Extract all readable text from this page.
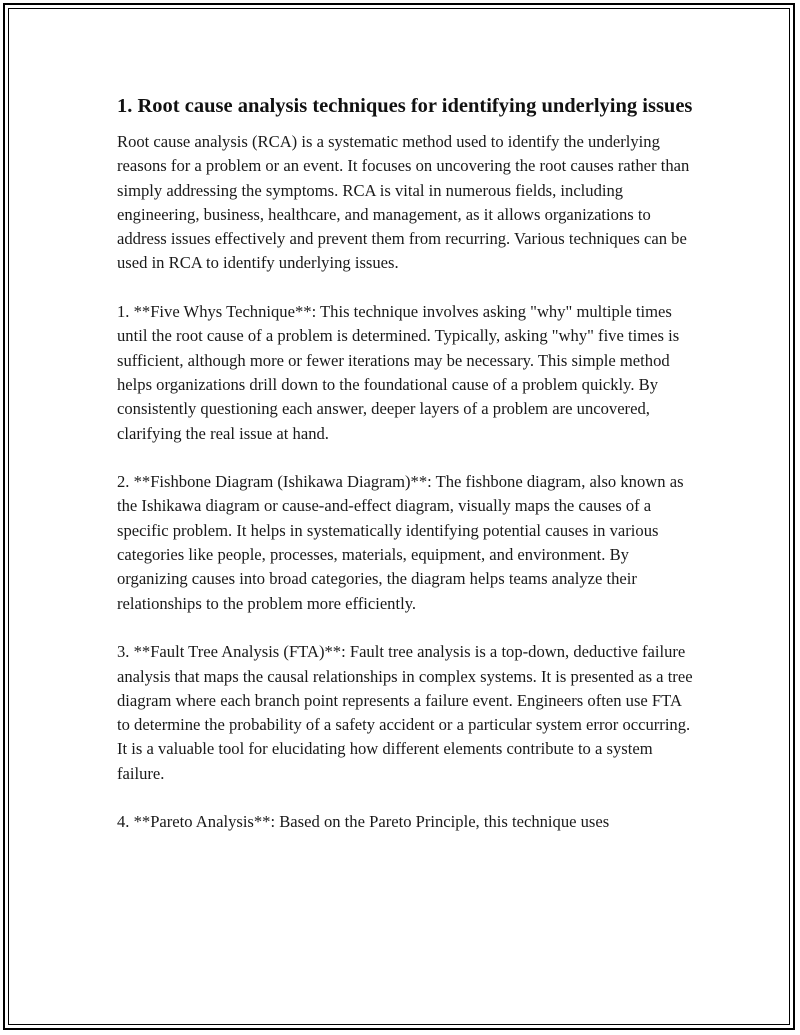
1. Root cause analysis techniques for identifying underlying issues

Root cause analysis (RCA) is a systematic method used to identify the underlying reasons for a problem or an event. It focuses on uncovering the root causes rather than simply addressing the symptoms. RCA is vital in numerous fields, including engineering, business, healthcare, and management, as it allows organizations to address issues effectively and prevent them from recurring. Various techniques can be used in RCA to identify underlying issues.

1. **Five Whys Technique**: This technique involves asking "why" multiple times until the root cause of a problem is determined. Typically, asking "why" five times is sufficient, although more or fewer iterations may be necessary. This simple method helps organizations drill down to the foundational cause of a problem quickly. By consistently questioning each answer, deeper layers of a problem are uncovered, clarifying the real issue at hand.

2. **Fishbone Diagram (Ishikawa Diagram)**: The fishbone diagram, also known as the Ishikawa diagram or cause-and-effect diagram, visually maps the causes of a specific problem. It helps in systematically identifying potential causes in various categories like people, processes, materials, equipment, and environment. By organizing causes into broad categories, the diagram helps teams analyze their relationships to the problem more efficiently.

3. **Fault Tree Analysis (FTA)**: Fault tree analysis is a top-down, deductive failure analysis that maps the causal relationships in complex systems. It is presented as a tree diagram where each branch point represents a failure event. Engineers often use FTA to determine the probability of a safety accident or a particular system error occurring. It is a valuable tool for elucidating how different elements contribute to a system failure.

4. **Pareto Analysis**: Based on the Pareto Principle, this technique uses
